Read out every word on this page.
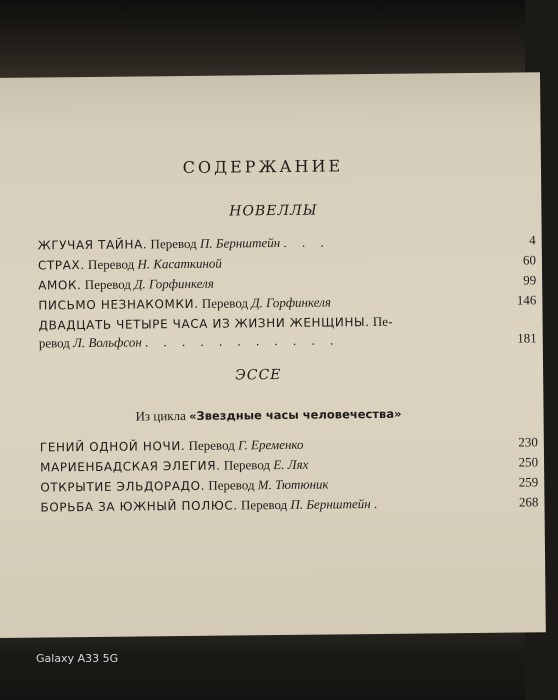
СОДЕРЖАНИЕ
НОВЕЛЛЫ
ЖГУЧАЯ ТАЙНА. Перевод П. Бернштейн . . .	4
СТРАХ. Перевод Н. Касаткиной	60
АМОК. Перевод Д. Горфинкеля	99
ПИСЬМО НЕЗНАКОМКИ. Перевод Д. Горфинкеля	146
ДВАДЦАТЬ ЧЕТЫРЕ ЧАСА ИЗ ЖИЗНИ ЖЕНЩИНЫ. Пе-
ревод Л. Вольфсон . . . . . . . . . . .	181
ЭССЕ
Из цикла «Звездные часы человечества»
ГЕНИЙ ОДНОЙ НОЧИ. Перевод Г. Еременко	230
МАРИЕНБАДСКАЯ ЭЛЕГИЯ. Перевод Е. Лях	250
ОТКРЫТИЕ ЭЛЬДОРАДО. Перевод М. Тютюник	259
БОРЬБА ЗА ЮЖНЫЙ ПОЛЮС. Перевод П. Бернштейн .	268
Galaxy A33 5G
